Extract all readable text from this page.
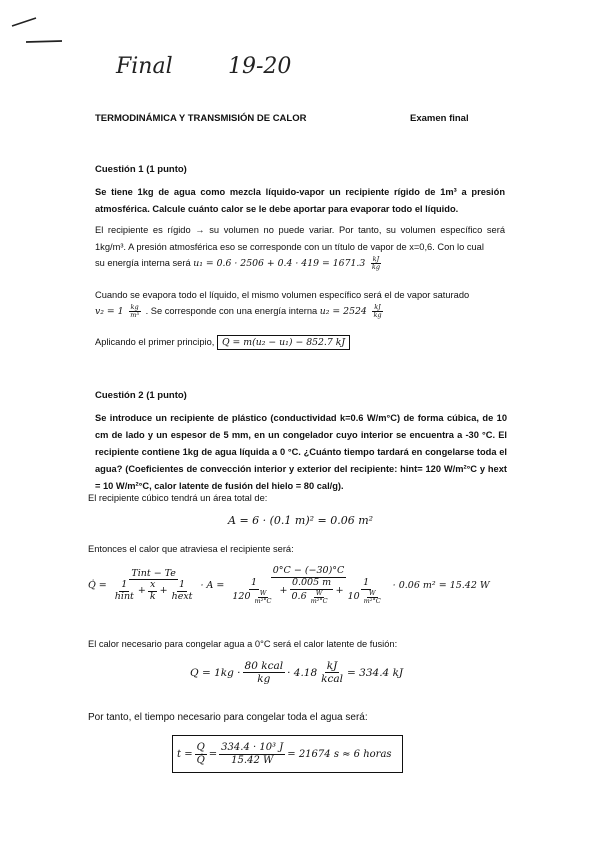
Final	19-20
TERMODINÁMICA Y TRANSMISIÓN DE CALOR	Examen final
Cuestión 1 (1 punto)
Se tiene 1kg de agua como mezcla líquido-vapor un recipiente rígido de 1m³ a presión atmosférica. Calcule cuánto calor se le debe aportar para evaporar todo el líquido.
El recipiente es rígido → su volumen no puede variar. Por tanto, su volumen específico será 1kg/m³. A presión atmosférica eso se corresponde con un título de vapor de x=0,6. Con lo cual
su energía interna será $u_1 = 0.6 \cdot 2506 + 0.4 \cdot 419 = 1671.3 \frac{kJ}{kg}$
Cuando se evapora todo el líquido, el mismo volumen específico será el de vapor saturado
$v_2 = 1 \frac{kg}{\text{m³}}$ . Se corresponde con una energía interna $u_2 = 2524 \frac{kJ}{kg}$
Aplicando el primer principio, Q = m(u₂ − u₁) − 852.7 kJ
Cuestión 2 (1 punto)
Se introduce un recipiente de plástico (conductividad k=0.6 W/m°C) de forma cúbica, de 10 cm de lado y un espesor de 5 mm, en un congelador cuyo interior se encuentra a -30 °C. El recipiente contiene 1kg de agua líquida a 0 °C. ¿Cuánto tiempo tardará en congelarse toda el agua? (Coeficientes de convección interior y exterior del recipiente: hint= 120 W/m²°C y hext = 10 W/m²°C, calor latente de fusión del hielo = 80 cal/g).
El recipiente cúbico tendrá un área total de:
A = 6 · (0.1 m)² = 0.06 m²
Entonces el calor que atraviesa el recipiente será:
Q̇ = $\frac{\text{Tint − Te}}{\frac{1}{\text{hint}} + \frac{x}{k} + \frac{1}{\text{hext}}} \cdot A = \frac{0^\circ C - (-30)^\circ C}{\frac{1}{120 \frac{W}{\text{m²°C}}} + \frac{0.005 m}{0.6 \frac{W}{\text{m²°C}}} + \frac{1}{10 \frac{W}{\text{m²°C}}}} \cdot 0.06$ m² = 15.42 W
El calor necesario para congelar agua a 0°C será el calor latente de fusión:
$Q = 1kg \cdot \frac{\text{80 kcal}}{kg} \cdot 4.18 \frac{kJ}{\text{kcal}} = 334.4$ kJ
Por tanto, el tiempo necesario para congelar toda el agua será:
$t = \frac{Q}{Q̇} = \frac{\text{334.4 · 10³ J}}{15.42 W} = 21674$ s ≈ 6 horas
